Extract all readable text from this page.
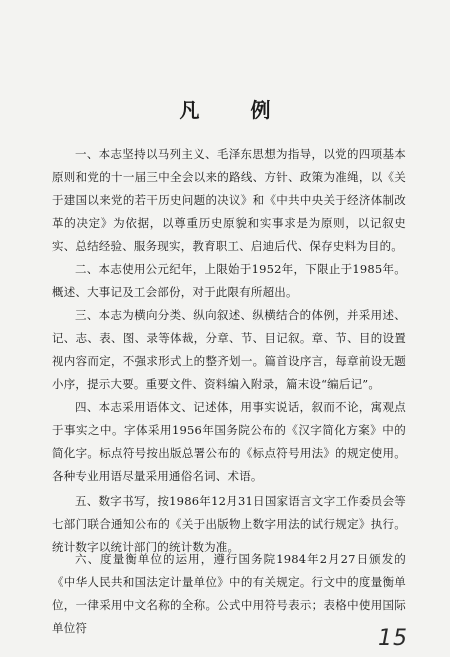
凡 例

一、本志坚持以马列主义、毛泽东思想为指导，以党的四项基本原则和党的十一届三中全会以来的路线、方针、政策为准绳，以《关于建国以来党的若干历史问题的决议》和《中共中央关于经济体制改革的决定》为依据，以尊重历史原貌和实事求是为原则，以记叙史实、总结经验、服务现实，教育职工、启迪后代、保存史料为目的。

二、本志使用公元纪年，上限始于1952年，下限止于1985年。概述、大事记及工会部份，对于此限有所超出。

三、本志为横向分类、纵向叙述、纵横结合的体例，并采用述、记、志、表、图、录等体裁，分章、节、目记叙。章、节、目的设置视内容而定，不强求形式上的整齐划一。篇首设序言，每章前设无题小序，提示大要。重要文件、资料编入附录，篇末设“编后记”。

四、本志采用语体文、记述体，用事实说话，叙而不论，寓观点于事实之中。字体采用1956年国务院公布的《汉字简化方案》中的简化字。标点符号按出版总署公布的《标点符号用法》的规定使用。各种专业用语尽量采用通俗名词、术语。

五、数字书写，按1986年12月31日国家语言文字工作委员会等七部门联合通知公布的《关于出版物上数字用法的试行规定》执行。统计数字以统计部门的统计数为准。

六、度量衡单位的运用，遵行国务院1984年2月27日颁发的《中华人民共和国法定计量单位》中的有关规定。行文中的度量衡单位，一律采用中文名称的全称。公式中用符号表示；表格中使用国际单位符	15
